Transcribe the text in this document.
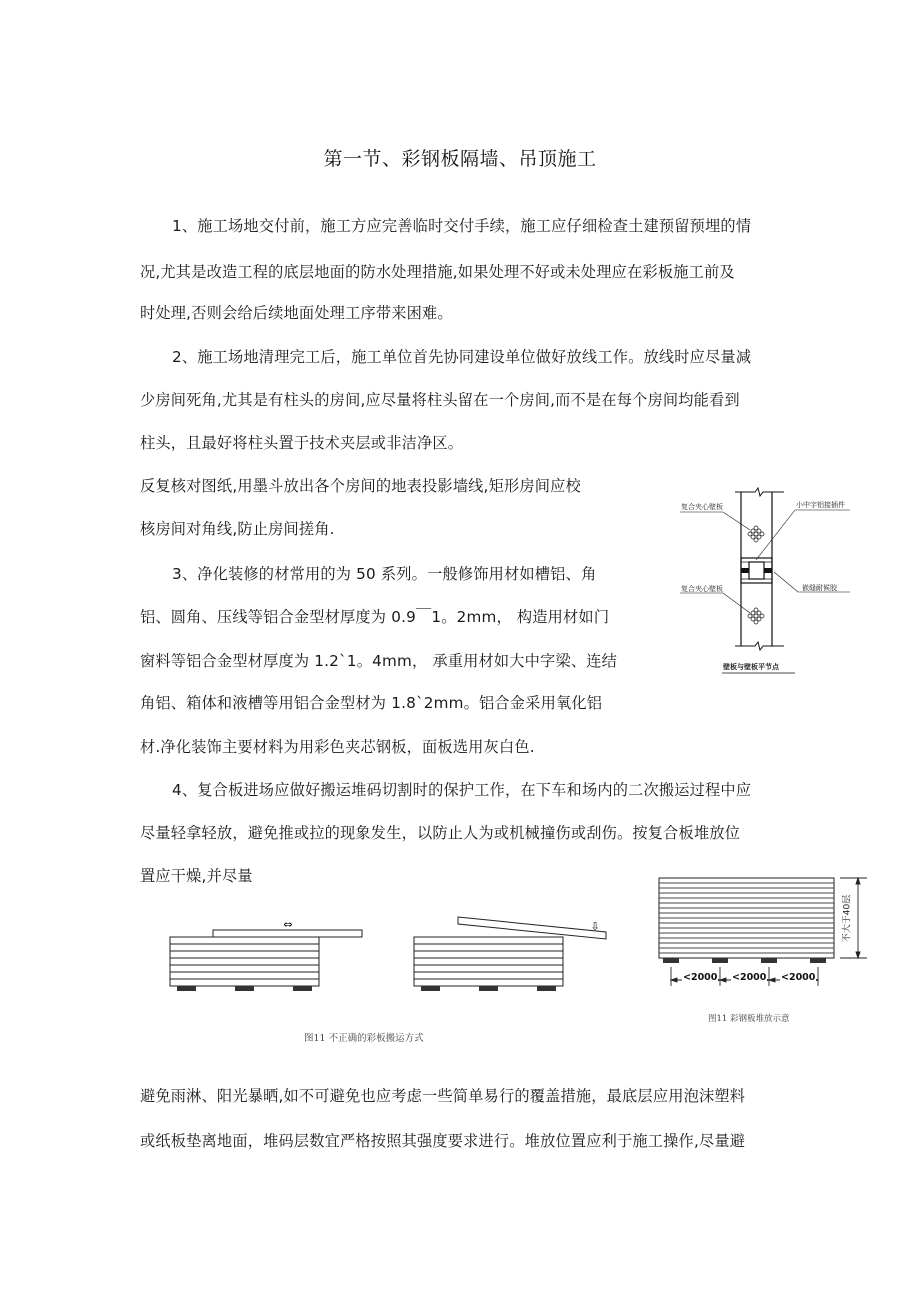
第一节、彩钢板隔墙、吊顶施工
1、施工场地交付前，施工方应完善临时交付手续，施工应仔细检查土建预留预埋的情
况,尤其是改造工程的底层地面的防水处理措施,如果处理不好或未处理应在彩板施工前及
时处理,否则会给后续地面处理工序带来困难。
2、施工场地清理完工后，施工单位首先协同建设单位做好放线工作。放线时应尽量减
少房间死角,尤其是有柱头的房间,应尽量将柱头留在一个房间,而不是在每个房间均能看到
柱头，且最好将柱头置于技术夹层或非洁净区。
反复核对图纸,用墨斗放出各个房间的地表投影墙线,矩形房间应校
核房间对角线,防止房间搓角.
3、净化装修的材常用的为 50 系列。一般修饰用材如槽铝、角
铝、圆角、压线等铝合金型材厚度为 0.9￣1。2mm， 构造用材如门
窗料等铝合金型材厚度为 1.2ˋ1。4mm， 承重用材如大中字梁、连结
角铝、箱体和液槽等用铝合金型材为 1.8ˋ2mm。铝合金采用氧化铝
材.净化装饰主要材料为用彩色夹芯钢板，面板选用灰白色.
4、复合板进场应做好搬运堆码切割时的保护工作，在下车和场内的二次搬运过程中应
尽量轻拿轻放，避免推或拉的现象发生，以防止人为或机械撞伤或刮伤。按复合板堆放位
置应干燥,并尽量
避免雨淋、阳光暴晒,如不可避免也应考虑一些简单易行的覆盖措施，最底层应用泡沫塑料
或纸板垫离地面，堆码层数宜严格按照其强度要求进行。堆放位置应利于施工操作,尽量避
复合夹心壁板
复合夹心壁板
小中字铝接插件
嵌缝耐候胶
壁板与壁板平节点
⇔	⇩
图11 不正确的彩板搬运方式
<2000 <2000 <2000
不大于40层
图11 彩钢板堆放示意
